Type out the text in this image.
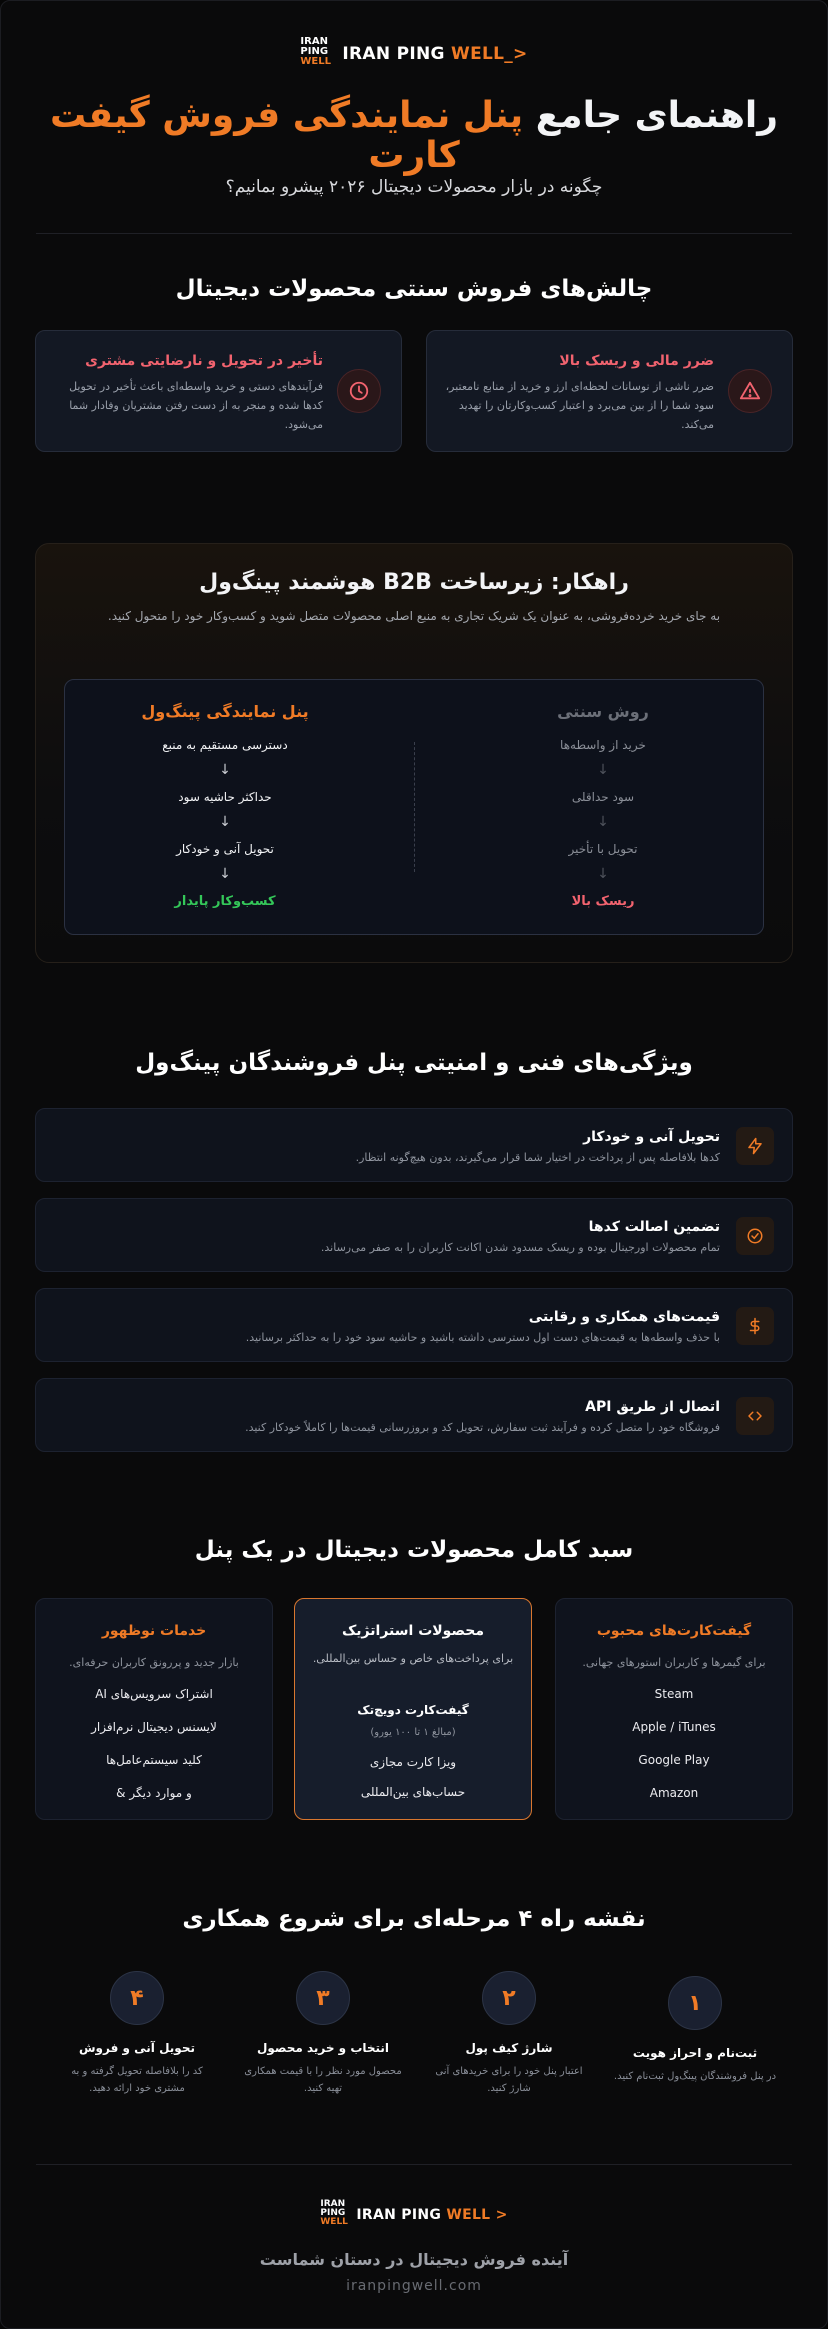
IRAN
PING
WELL IRAN PING WELL_>
راهنمای جامع پنل نمایندگی فروش گیفت کارت
چگونه در بازار محصولات دیجیتال ۲۰۲۶ پیشرو بمانیم؟
چالش‌های فروش سنتی محصولات دیجیتال
ضرر مالی و ریسک بالا
ضرر ناشی از نوسانات لحظه‌ای ارز و خرید از منابع نامعتبر، سود شما را از بین می‌برد و اعتبار کسب‌وکارتان را تهدید می‌کند.
تأخیر در تحویل و نارضایتی مشتری
فرآیندهای دستی و خرید واسطه‌ای باعث تأخیر در تحویل کدها شده و منجر به از دست رفتن مشتریان وفادار شما می‌شود.
راهکار: زیرساخت B2B هوشمند پینگ‌ول
به جای خرید خرده‌فروشی، به عنوان یک شریک تجاری به منبع اصلی محصولات متصل شوید و کسب‌وکار خود را متحول کنید.
روش سنتی
خرید از واسطه‌ها
↓
سود حداقلی
↓
تحویل با تأخیر
↓
ریسک بالا
پنل نمایندگی پینگ‌ول
دسترسی مستقیم به منبع
↓
حداکثر حاشیه سود
↓
تحویل آنی و خودکار
↓
کسب‌وکار پایدار
ویژگی‌های فنی و امنیتی پنل فروشندگان پینگ‌ول
تحویل آنی و خودکار
کدها بلافاصله پس از پرداخت در اختیار شما قرار می‌گیرند، بدون هیچ‌گونه انتظار.
تضمین اصالت کدها
تمام محصولات اورجینال بوده و ریسک مسدود شدن اکانت کاربران را به صفر می‌رساند.
قیمت‌های همکاری و رقابتی
با حذف واسطه‌ها به قیمت‌های دست اول دسترسی داشته باشید و حاشیه سود خود را به حداکثر برسانید.
اتصال از طریق API
فروشگاه خود را متصل کرده و فرآیند ثبت سفارش، تحویل کد و بروزرسانی قیمت‌ها را کاملاً خودکار کنید.
سبد کامل محصولات دیجیتال در یک پنل
گیفت‌کارت‌های محبوب
برای گیمرها و کاربران استورهای جهانی.
Steam
Apple / iTunes
Google Play
Amazon
محصولات استراتژیک
برای پرداخت‌های خاص و حساس بین‌المللی.
گیفت‌کارت دویچ‌تک
(مبالغ ۱ تا ۱۰۰ یورو)
ویزا کارت مجازی
حساب‌های بین‌المللی
خدمات نوظهور
بازار جدید و پررونق کاربران حرفه‌ای.
اشتراک سرویس‌های AI
لایسنس دیجیتال نرم‌افزار
کلید سیستم‌عامل‌ها
و موارد دیگر &
نقشه راه ۴ مرحله‌ای برای شروع همکاری
۱
ثبت‌نام و احراز هویت
در پنل فروشندگان پینگ‌ول ثبت‌نام کنید.
۲
شارژ کیف پول
اعتبار پنل خود را برای خریدهای آنی شارژ کنید.
۳
انتخاب و خرید محصول
محصول مورد نظر را با قیمت همکاری تهیه کنید.
۴
تحویل آنی و فروش
کد را بلافاصله تحویل گرفته و به مشتری خود ارائه دهید.
IRAN
PING
WELL IRAN PING WELL >
آینده فروش دیجیتال در دستان شماست
iranpingwell.com
